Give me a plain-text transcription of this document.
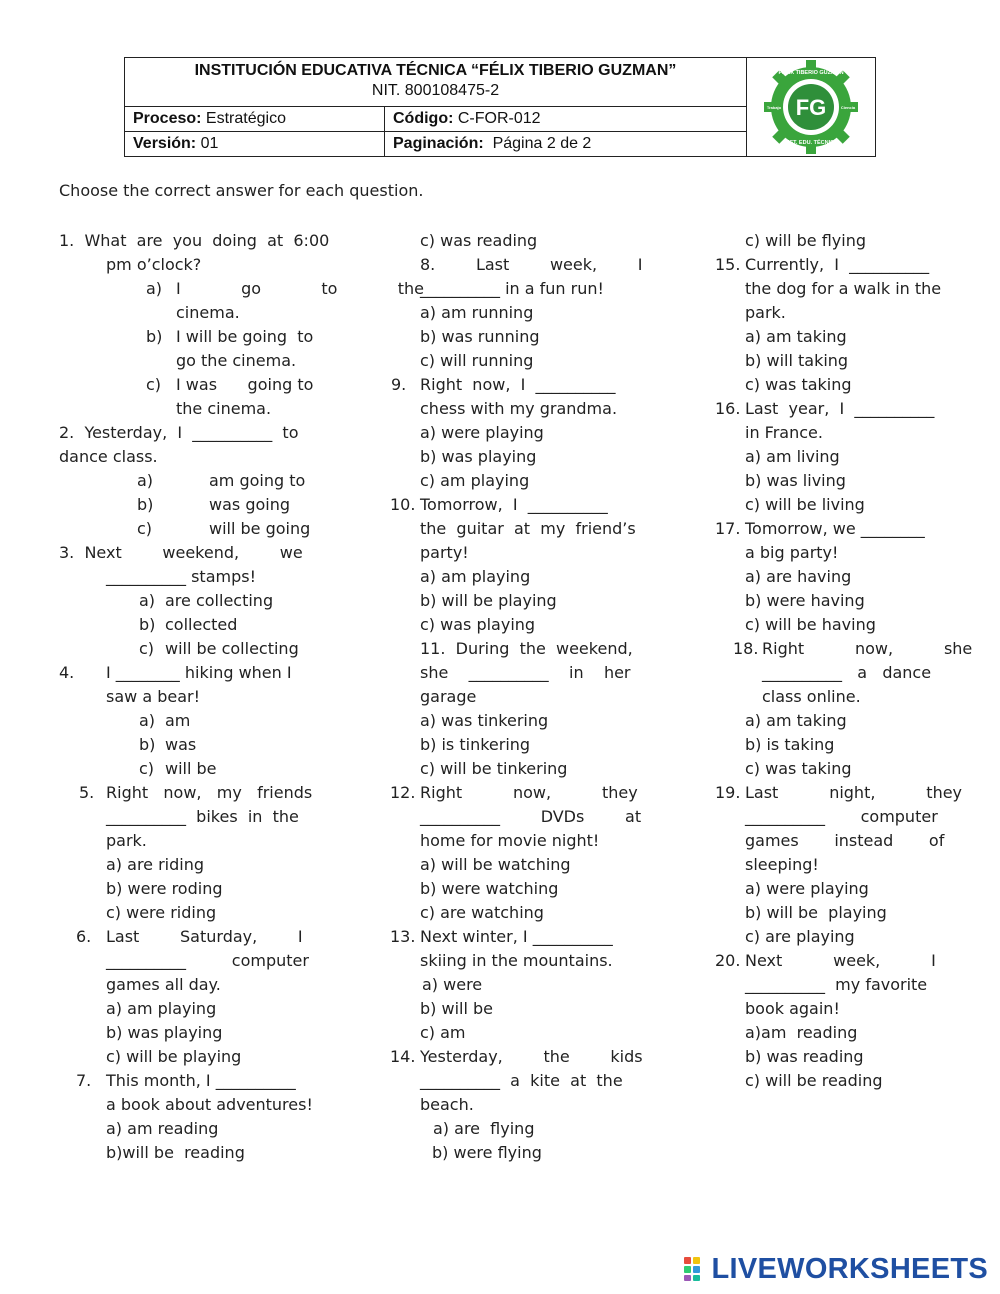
INSTITUCIÓN EDUCATIVA TÉCNICA “FÉLIX TIBERIO GUZMAN”
NIT. 800108475-2
Proceso: Estratégico	Código: C-FOR-012
Versión: 01	Paginación: Página 2 de 2
FG
FELIX TIBERIO GUZMAN
INST. EDU. TÉCNICA
Trabajo	Ciencia
Choose the correct answer for each question.
1.  What  are  you  doing  at  6:00
pm o’clock?
a) I    go    to    the
cinema.
b) I will be going  to
go the cinema.
c) I was      going to
the cinema.
2.  Yesterday,  I  __________  to
dance class.
a)	am going to
b)	was going
c)	will be going
3.  Next        weekend,        we
__________ stamps!
a) are collecting
b) collected
c) will be collecting
4. I ________ hiking when I
saw a bear!
a) am
b) was
c) will be
5. Right   now,   my   friends
__________  bikes  in  the
park.
a) are riding
b) were roding
c) were riding
6. Last        Saturday,        I
__________         computer
games all day.
a) am playing
b) was playing
c) will be playing
7. This month, I __________
a book about adventures!
a) am reading
b)will be  reading
c) was reading
8.        Last        week,        I
__________ in a fun run!
a) am running
b) was running
c) will running
9. Right  now,  I  __________
chess with my grandma.
a) were playing
b) was playing
c) am playing
10. Tomorrow,  I  __________
the  guitar  at  my  friend’s
party!
a) am playing
b) will be playing
c) was playing
11.  During  the  weekend,
she    __________    in    her
garage
a) was tinkering
b) is tinkering
c) will be tinkering
12. Right          now,          they
__________        DVDs        at
home for movie night!
a) will be watching
b) were watching
c) are watching
13. Next winter, I __________
skiing in the mountains.
a) were
b) will be
c) am
14. Yesterday,        the        kids
__________  a  kite  at  the
beach.
a) are  flying
b) were flying
c) will be flying
15. Currently,  I  __________
the dog for a walk in the
park.
a) am taking
b) will taking
c) was taking
16. Last  year,  I  __________
in France.
a) am living
b) was living
c) will be living
17. Tomorrow, we ________
a big party!
a) are having
b) were having
c) will be having
18. Right          now,          she
__________   a   dance
class online.
a) am taking
b) is taking
c) was taking
19. Last          night,          they
__________       computer
games       instead       of
sleeping!
a) were playing
b) will be  playing
c) are playing
20. Next          week,          I
__________  my favorite
book again!
a)am  reading
b) was reading
c) will be reading
LIVEWORKSHEETS
